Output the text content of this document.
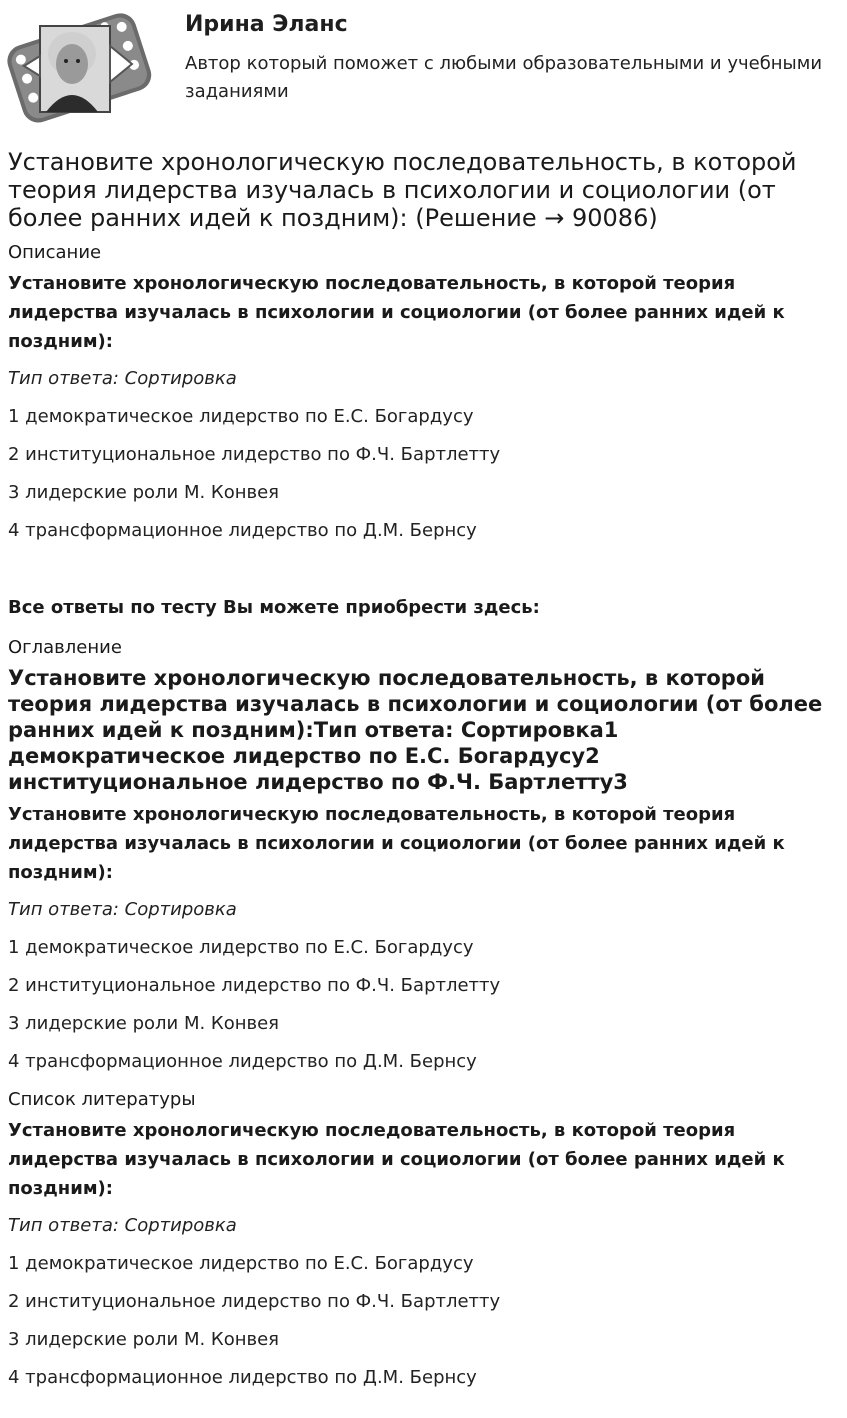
Ирина Эланс
Автор который поможет с любыми образовательными и учебными заданиями
Установите хронологическую последовательность, в которой теория лидерства изучалась в психологии и социологии (от более ранних идей к поздним): (Решение → 90086)
Описание
Установите хронологическую последовательность, в которой теория лидерства изучалась в психологии и социологии (от более ранних идей к поздним):
Тип ответа: Сортировка
1 демократическое лидерство по Е.С. Богардусу
2 институциональное лидерство по Ф.Ч. Бартлетту
3 лидерские роли М. Конвея
4 трансформационное лидерство по Д.М. Бернсу
Все ответы по тесту Вы можете приобрести здесь:
Оглавление
Установите хронологическую последовательность, в которой теория лидерства изучалась в психологии и социологии (от более ранних идей к поздним):Тип ответа: Сортировка1 демократическое лидерство по Е.С. Богардусу2 институциональное лидерство по Ф.Ч. Бартлетту3
Установите хронологическую последовательность, в которой теория лидерства изучалась в психологии и социологии (от более ранних идей к поздним):
Тип ответа: Сортировка
1 демократическое лидерство по Е.С. Богардусу
2 институциональное лидерство по Ф.Ч. Бартлетту
3 лидерские роли М. Конвея
4 трансформационное лидерство по Д.М. Бернсу
Список литературы
Установите хронологическую последовательность, в которой теория лидерства изучалась в психологии и социологии (от более ранних идей к поздним):
Тип ответа: Сортировка
1 демократическое лидерство по Е.С. Богардусу
2 институциональное лидерство по Ф.Ч. Бартлетту
3 лидерские роли М. Конвея
4 трансформационное лидерство по Д.М. Бернсу
